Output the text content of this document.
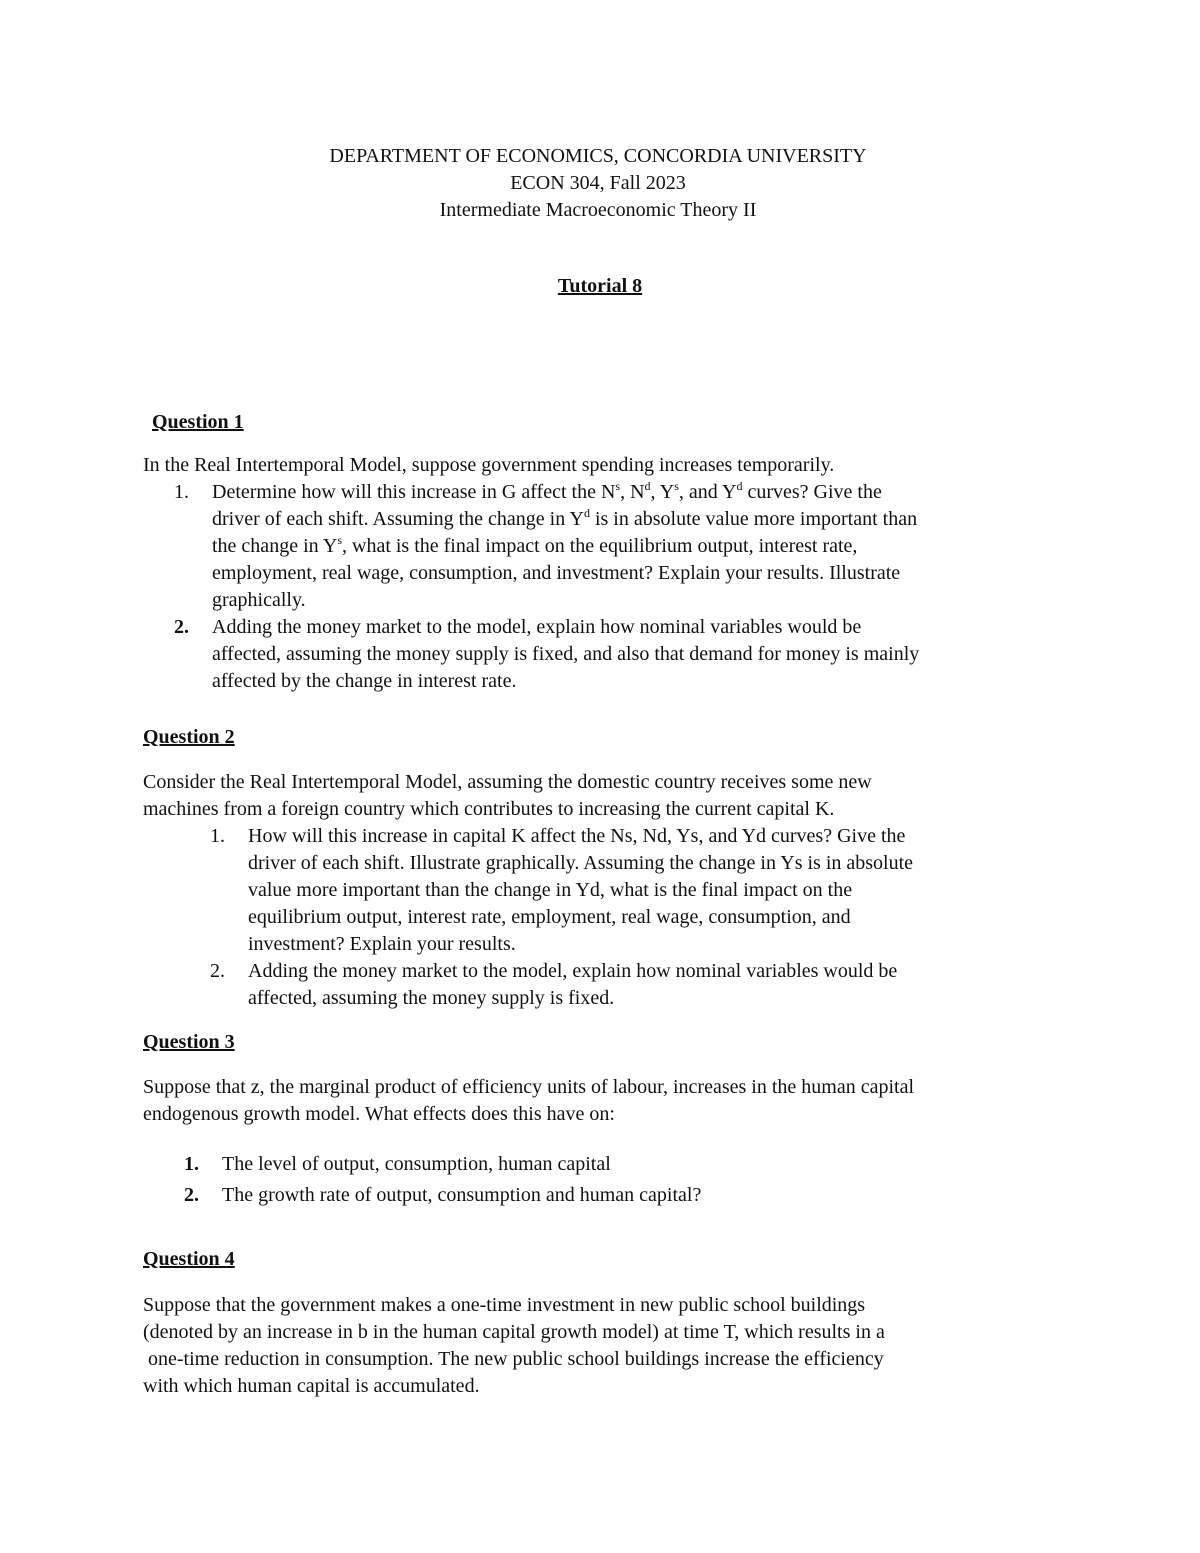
DEPARTMENT OF ECONOMICS, CONCORDIA UNIVERSITY
ECON 304, Fall 2023
Intermediate Macroeconomic Theory II
Tutorial 8
Question 1
In the Real Intertemporal Model, suppose government spending increases temporarily.
1. Determine how will this increase in G affect the $N^s$, $N^d$, $Y^s$, and $Y^d$ curves? Give the
driver of each shift. Assuming the change in $Y^d$ is in absolute value more important than
the change in $Y^s$, what is the final impact on the equilibrium output, interest rate,
employment, real wage, consumption, and investment? Explain your results. Illustrate
graphically.
2. Adding the money market to the model, explain how nominal variables would be
affected, assuming the money supply is fixed, and also that demand for money is mainly
affected by the change in interest rate.
Question 2
Consider the Real Intertemporal Model, assuming the domestic country receives some new
machines from a foreign country which contributes to increasing the current capital K.
1. How will this increase in capital K affect the Ns, Nd, Ys, and Yd curves? Give the
driver of each shift. Illustrate graphically. Assuming the change in Ys is in absolute
value more important than the change in Yd, what is the final impact on the
equilibrium output, interest rate, employment, real wage, consumption, and
investment? Explain your results.
2. Adding the money market to the model, explain how nominal variables would be
affected, assuming the money supply is fixed.
Question 3
Suppose that z, the marginal product of efficiency units of labour, increases in the human capital
endogenous growth model. What effects does this have on:
1. The level of output, consumption, human capital
2. The growth rate of output, consumption and human capital?
Question 4
Suppose that the government makes a one-time investment in new public school buildings
(denoted by an increase in b in the human capital growth model) at time T, which results in a
one-time reduction in consumption. The new public school buildings increase the efficiency
with which human capital is accumulated.
